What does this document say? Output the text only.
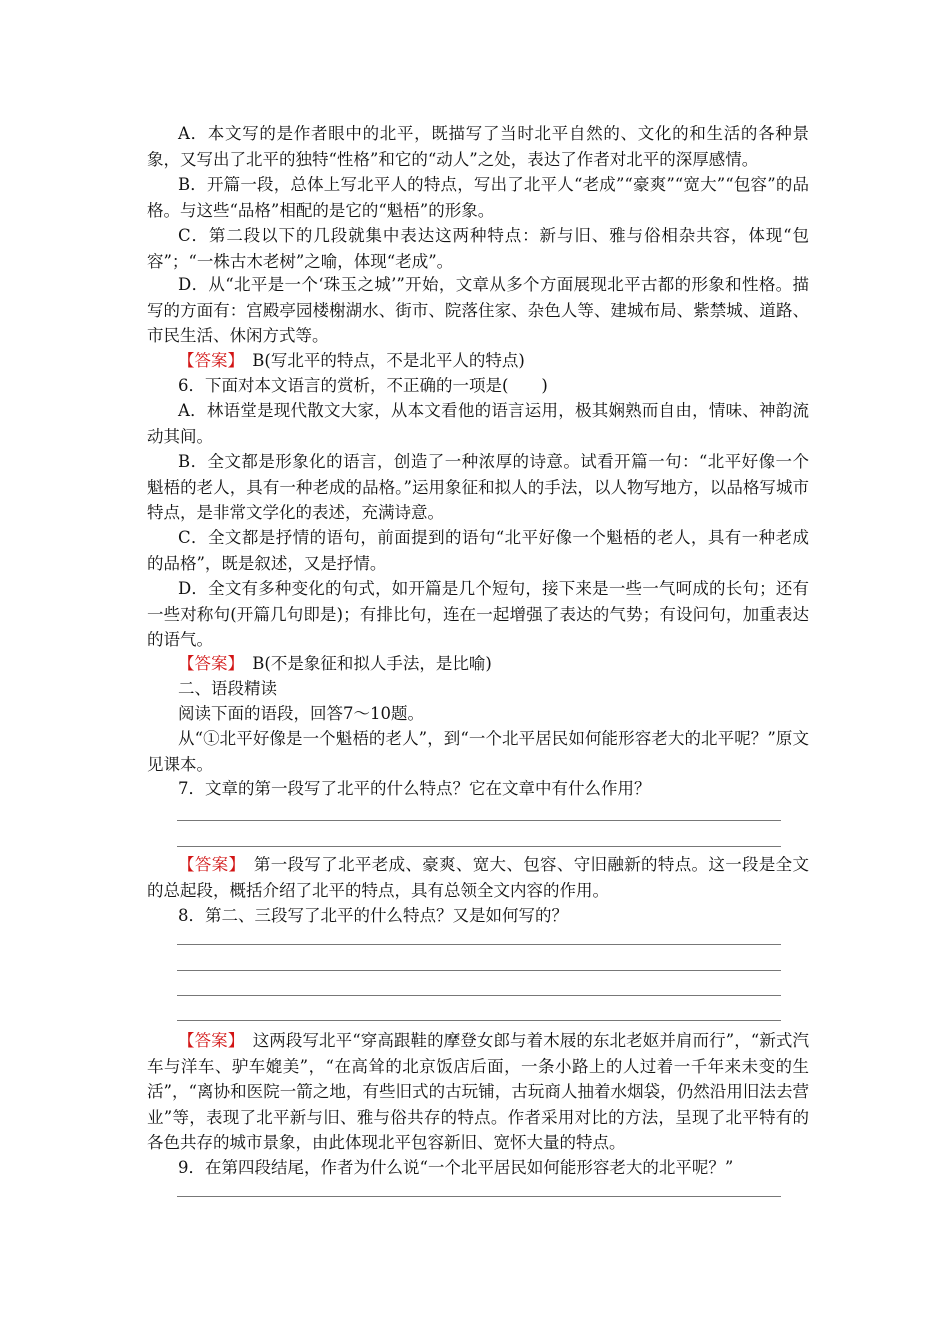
A．本文写的是作者眼中的北平，既描写了当时北平自然的、文化的和生活的各种景象，又写出了北平的独特“性格”和它的“动人”之处，表达了作者对北平的深厚感情。

B．开篇一段，总体上写北平人的特点，写出了北平人“老成”“豪爽”“宽大”“包容”的品格。与这些“品格”相配的是它的“魁梧”的形象。

C．第二段以下的几段就集中表达这两种特点：新与旧、雅与俗相杂共容，体现“包容”；“一株古木老树”之喻，体现“老成”。

D．从“北平是一个‘珠玉之城’”开始，文章从多个方面展现北平古都的形象和性格。描写的方面有：宫殿亭园楼榭湖水、街市、院落住家、杂色人等、建城布局、紫禁城、道路、市民生活、休闲方式等。

【答案】　 B(写北平的特点，不是北平人的特点)

6．下面对本文语言的赏析，不正确的一项是(　　)

A．林语堂是现代散文大家，从本文看他的语言运用，极其娴熟而自由，情味、神韵流动其间。

B．全文都是形象化的语言，创造了一种浓厚的诗意。试看开篇一句：“北平好像一个魁梧的老人，具有一种老成的品格。”运用象征和拟人的手法，以人物写地方，以品格写城市特点，是非常文学化的表述，充满诗意。

C．全文都是抒情的语句，前面提到的语句“北平好像一个魁梧的老人，具有一种老成的品格”，既是叙述，又是抒情。

D．全文有多种变化的句式，如开篇是几个短句，接下来是一些一气呵成的长句；还有一些对称句(开篇几句即是)；有排比句，连在一起增强了表达的气势；有设问句，加重表达的语气。

【答案】　 B(不是象征和拟人手法，是比喻)

二、语段精读

阅读下面的语段，回答7～10题。

从“①北平好像是一个魁梧的老人”，到“一个北平居民如何能形容老大的北平呢？”原文见课本。

7．文章的第一段写了北平的什么特点？它在文章中有什么作用？

【答案】　 第一段写了北平老成、豪爽、宽大、包容、守旧融新的特点。这一段是全文的总起段，概括介绍了北平的特点，具有总领全文内容的作用。

8．第二、三段写了北平的什么特点？又是如何写的？

【答案】　 这两段写北平“穿高跟鞋的摩登女郎与着木屐的东北老妪并肩而行”，“新式汽车与洋车、驴车媲美”，“在高耸的北京饭店后面，一条小路上的人过着一千年来未变的生活”，“离协和医院一箭之地，有些旧式的古玩铺，古玩商人抽着水烟袋，仍然沿用旧法去营业”等，表现了北平新与旧、雅与俗共存的特点。作者采用对比的方法，呈现了北平特有的各色共存的城市景象，由此体现北平包容新旧、宽怀大量的特点。

9．在第四段结尾，作者为什么说“一个北平居民如何能形容老大的北平呢？”
